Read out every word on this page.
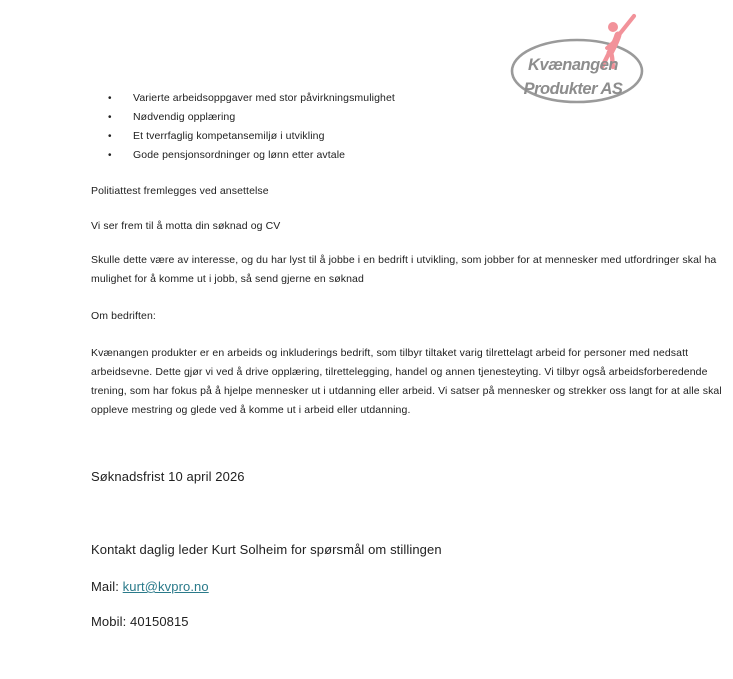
Kvænangen
Produkter AS
• Varierte arbeidsoppgaver med stor påvirkningsmulighet
• Nødvendig opplæring
• Et tverrfaglig kompetansemiljø i utvikling
• Gode pensjonsordninger og lønn etter avtale

Politiattest fremlegges ved ansettelse

Vi ser frem til å motta din søknad og CV

Skulle dette være av interesse, og du har lyst til å jobbe i en bedrift i utvikling, som jobber for at mennesker med utfordringer skal ha mulighet for å komme ut i jobb, så send gjerne en søknad

Om bedriften:

Kvænangen produkter er en arbeids og inkluderings bedrift, som tilbyr tiltaket varig tilrettelagt arbeid for personer med nedsatt arbeidsevne. Dette gjør vi ved å drive opplæring, tilrettelegging, handel og annen tjenesteyting. Vi tilbyr også arbeidsforberedende trening, som har fokus på å hjelpe mennesker ut i utdanning eller arbeid. Vi satser på mennesker og strekker oss langt for at alle skal oppleve mestring og glede ved å komme ut i arbeid eller utdanning.

Søknadsfrist 10 april 2026

Kontakt daglig leder Kurt Solheim for spørsmål om stillingen

Mail: kurt@kvpro.no

Mobil: 40150815
